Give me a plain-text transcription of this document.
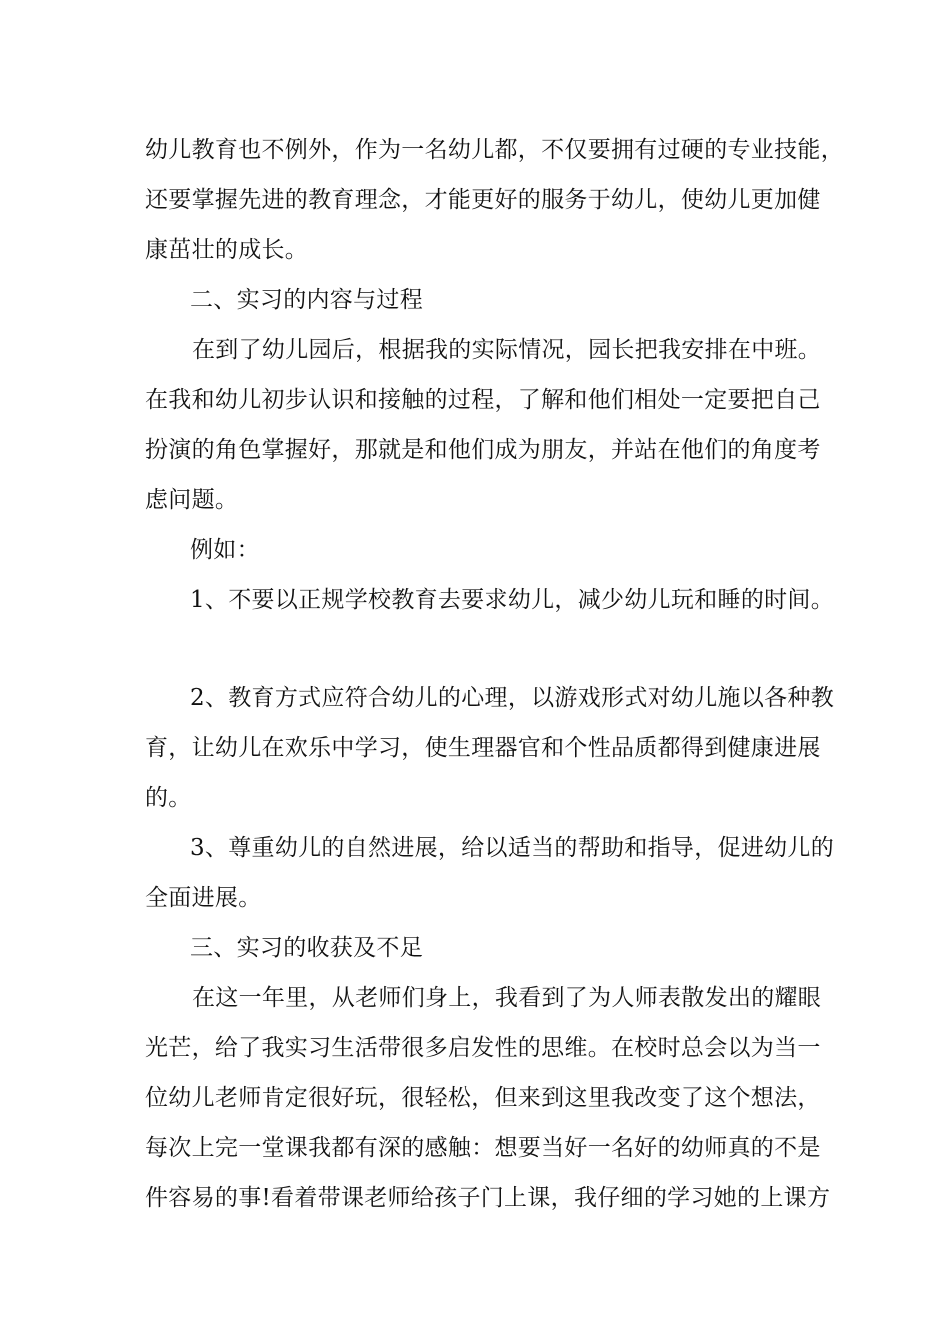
幼儿教育也不例外，作为一名幼儿都，不仅要拥有过硬的专业技能，
还要掌握先进的教育理念，才能更好的服务于幼儿，使幼儿更加健
康茁壮的成长。
二、实习的内容与过程
在到了幼儿园后，根据我的实际情况，园长把我安排在中班。
在我和幼儿初步认识和接触的过程，了解和他们相处一定要把自己
扮演的角色掌握好，那就是和他们成为朋友，并站在他们的角度考
虑问题。
例如：
1、不要以正规学校教育去要求幼儿，减少幼儿玩和睡的时间。
2、教育方式应符合幼儿的心理，以游戏形式对幼儿施以各种教
育，让幼儿在欢乐中学习，使生理器官和个性品质都得到健康进展
的。
3、尊重幼儿的自然进展，给以适当的帮助和指导，促进幼儿的
全面进展。
三、实习的收获及不足
在这一年里，从老师们身上，我看到了为人师表散发出的耀眼
光芒，给了我实习生活带很多启发性的思维。在校时总会以为当一
位幼儿老师肯定很好玩，很轻松，但来到这里我改变了这个想法，
每次上完一堂课我都有深的感触：想要当好一名好的幼师真的不是
件容易的事!看着带课老师给孩子门上课，我仔细的学习她的上课方
